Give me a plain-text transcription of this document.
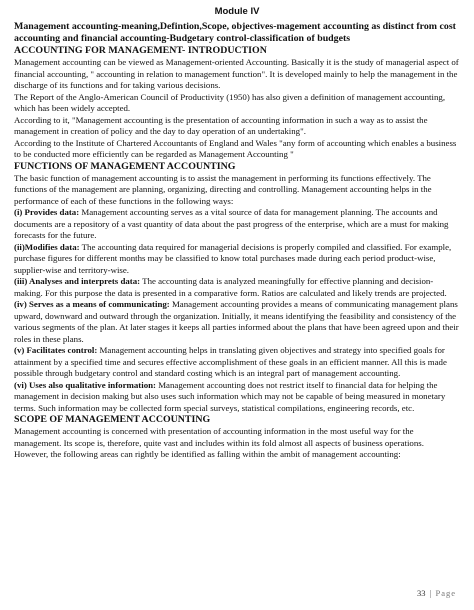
Module IV

Management accounting-meaning,Defintion,Scope, objectives-magement accounting as distinct from cost accounting and financial accounting-Budgetary control-classification of budgets

ACCOUNTING FOR MANAGEMENT- INTRODUCTION

Management accounting can be viewed as Management-oriented Accounting. Basically it is the study of managerial aspect of financial accounting, " accounting in relation to management function". It is developed mainly to help the management in the discharge of its functions and for taking various decisions.

The Report of the Anglo-American Council of Productivity (1950) has also given a definition of management accounting, which has been widely accepted.

According to it, "Management accounting is the presentation of accounting information in such a way as to assist the management in creation of policy and the day to day operation of an undertaking".

According to the Institute of Chartered Accountants of England and Wales "any form of accounting which enables a business to be conducted more efficiently can be regarded as Management Accounting "

FUNCTIONS OF MANAGEMENT ACCOUNTING

The basic function of management accounting is to assist the management in performing its functions effectively. The functions of the management are planning, organizing, directing and controlling. Management accounting helps in the performance of each of these functions in the following ways:

(i) Provides data: Management accounting serves as a vital source of data for management planning. The accounts and documents are a repository of a vast quantity of data about the past progress of the enterprise, which are a must for making forecasts for the future.

(ii)Modifies data: The accounting data required for managerial decisions is properly compiled and classified. For example, purchase figures for different months may be classified to know total purchases made during each period product-wise, supplier-wise and territory-wise.

(iii) Analyses and interprets data: The accounting data is analyzed meaningfully for effective planning and decision-making. For this purpose the data is presented in a comparative form. Ratios are calculated and likely trends are projected.

(iv) Serves as a means of communicating: Management accounting provides a means of communicating management plans upward, downward and outward through the organization. Initially, it means identifying the feasibility and consistency of the various segments of the plan. At later stages it keeps all parties informed about the plans that have been agreed upon and their roles in these plans.

(v) Facilitates control: Management accounting helps in translating given objectives and strategy into specified goals for attainment by a specified time and secures effective accomplishment of these goals in an efficient manner. All this is made possible through budgetary control and standard costing which is an integral part of management accounting.

(vi) Uses also qualitative information: Management accounting does not restrict itself to financial data for helping the management in decision making but also uses such information which may not be capable of being measured in monetary terms. Such information may be collected form special surveys, statistical compilations, engineering records, etc.

SCOPE OF MANAGEMENT ACCOUNTING

Management accounting is concerned with presentation of accounting information in the most useful way for the management. Its scope is, therefore, quite vast and includes within its fold almost all aspects of business operations.

However, the following areas can rightly be identified as falling within the ambit of management accounting:

33 | Page
